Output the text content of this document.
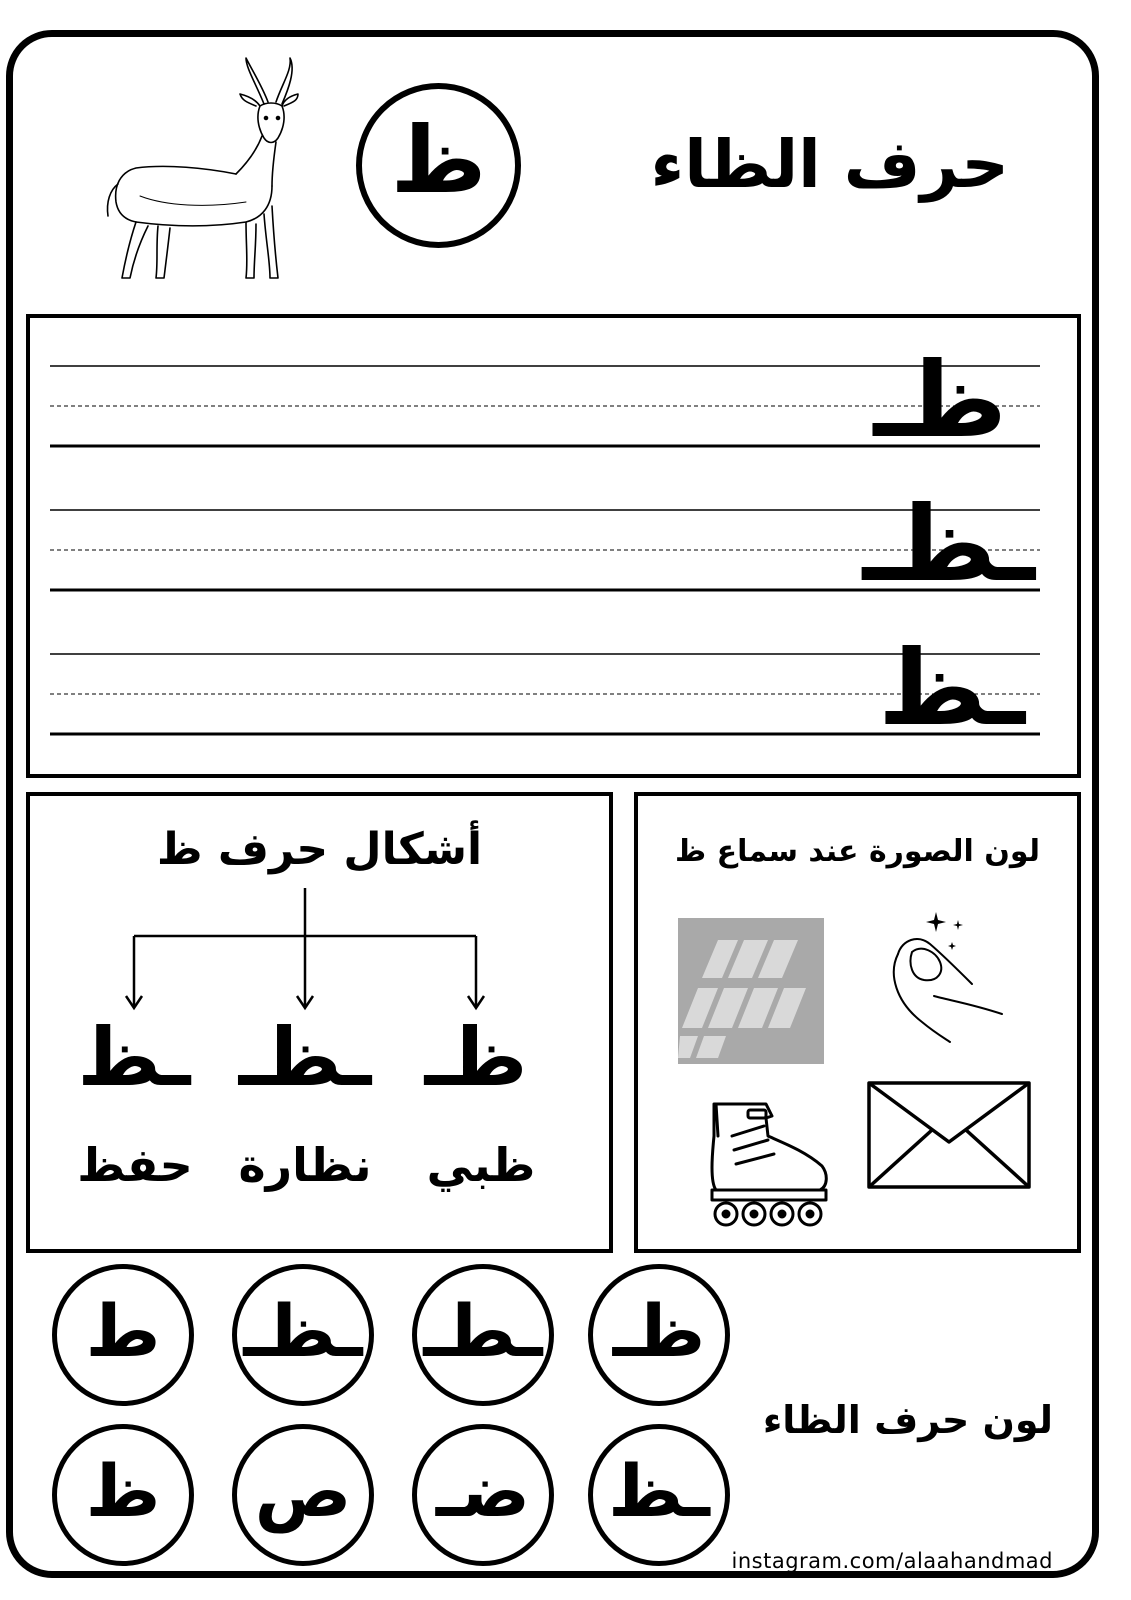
حرف الظاء
ظ
ظـ
ـظـ
ـظ
أشكال حرف ظ
ظـ
ـظـ
ـظ
ظبي
نظارة
حفظ
لون الصورة عند سماع ظ
ظـ
ـطـ
ـظـ
ط
ـظ
ضـ
ص
ظ
لون حرف الظاء
instagram.com/alaahandmad
